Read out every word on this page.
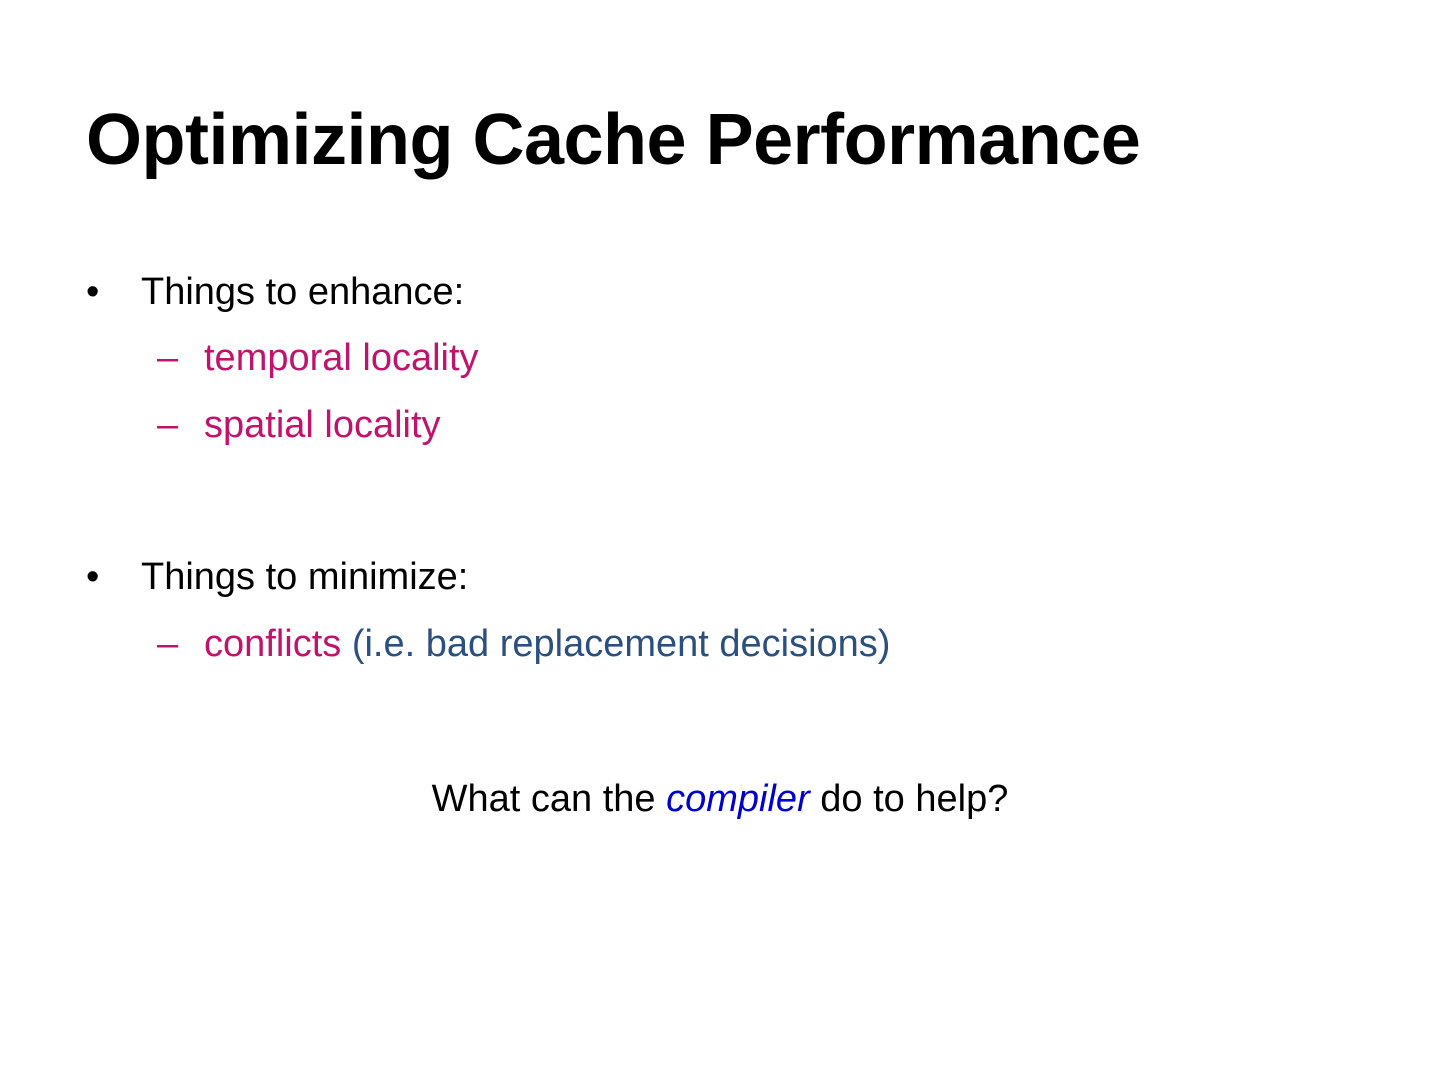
Optimizing Cache Performance
• Things to enhance:
– temporal locality
– spatial locality
• Things to minimize:
– conflicts (i.e. bad replacement decisions)
What can the compiler do to help?
